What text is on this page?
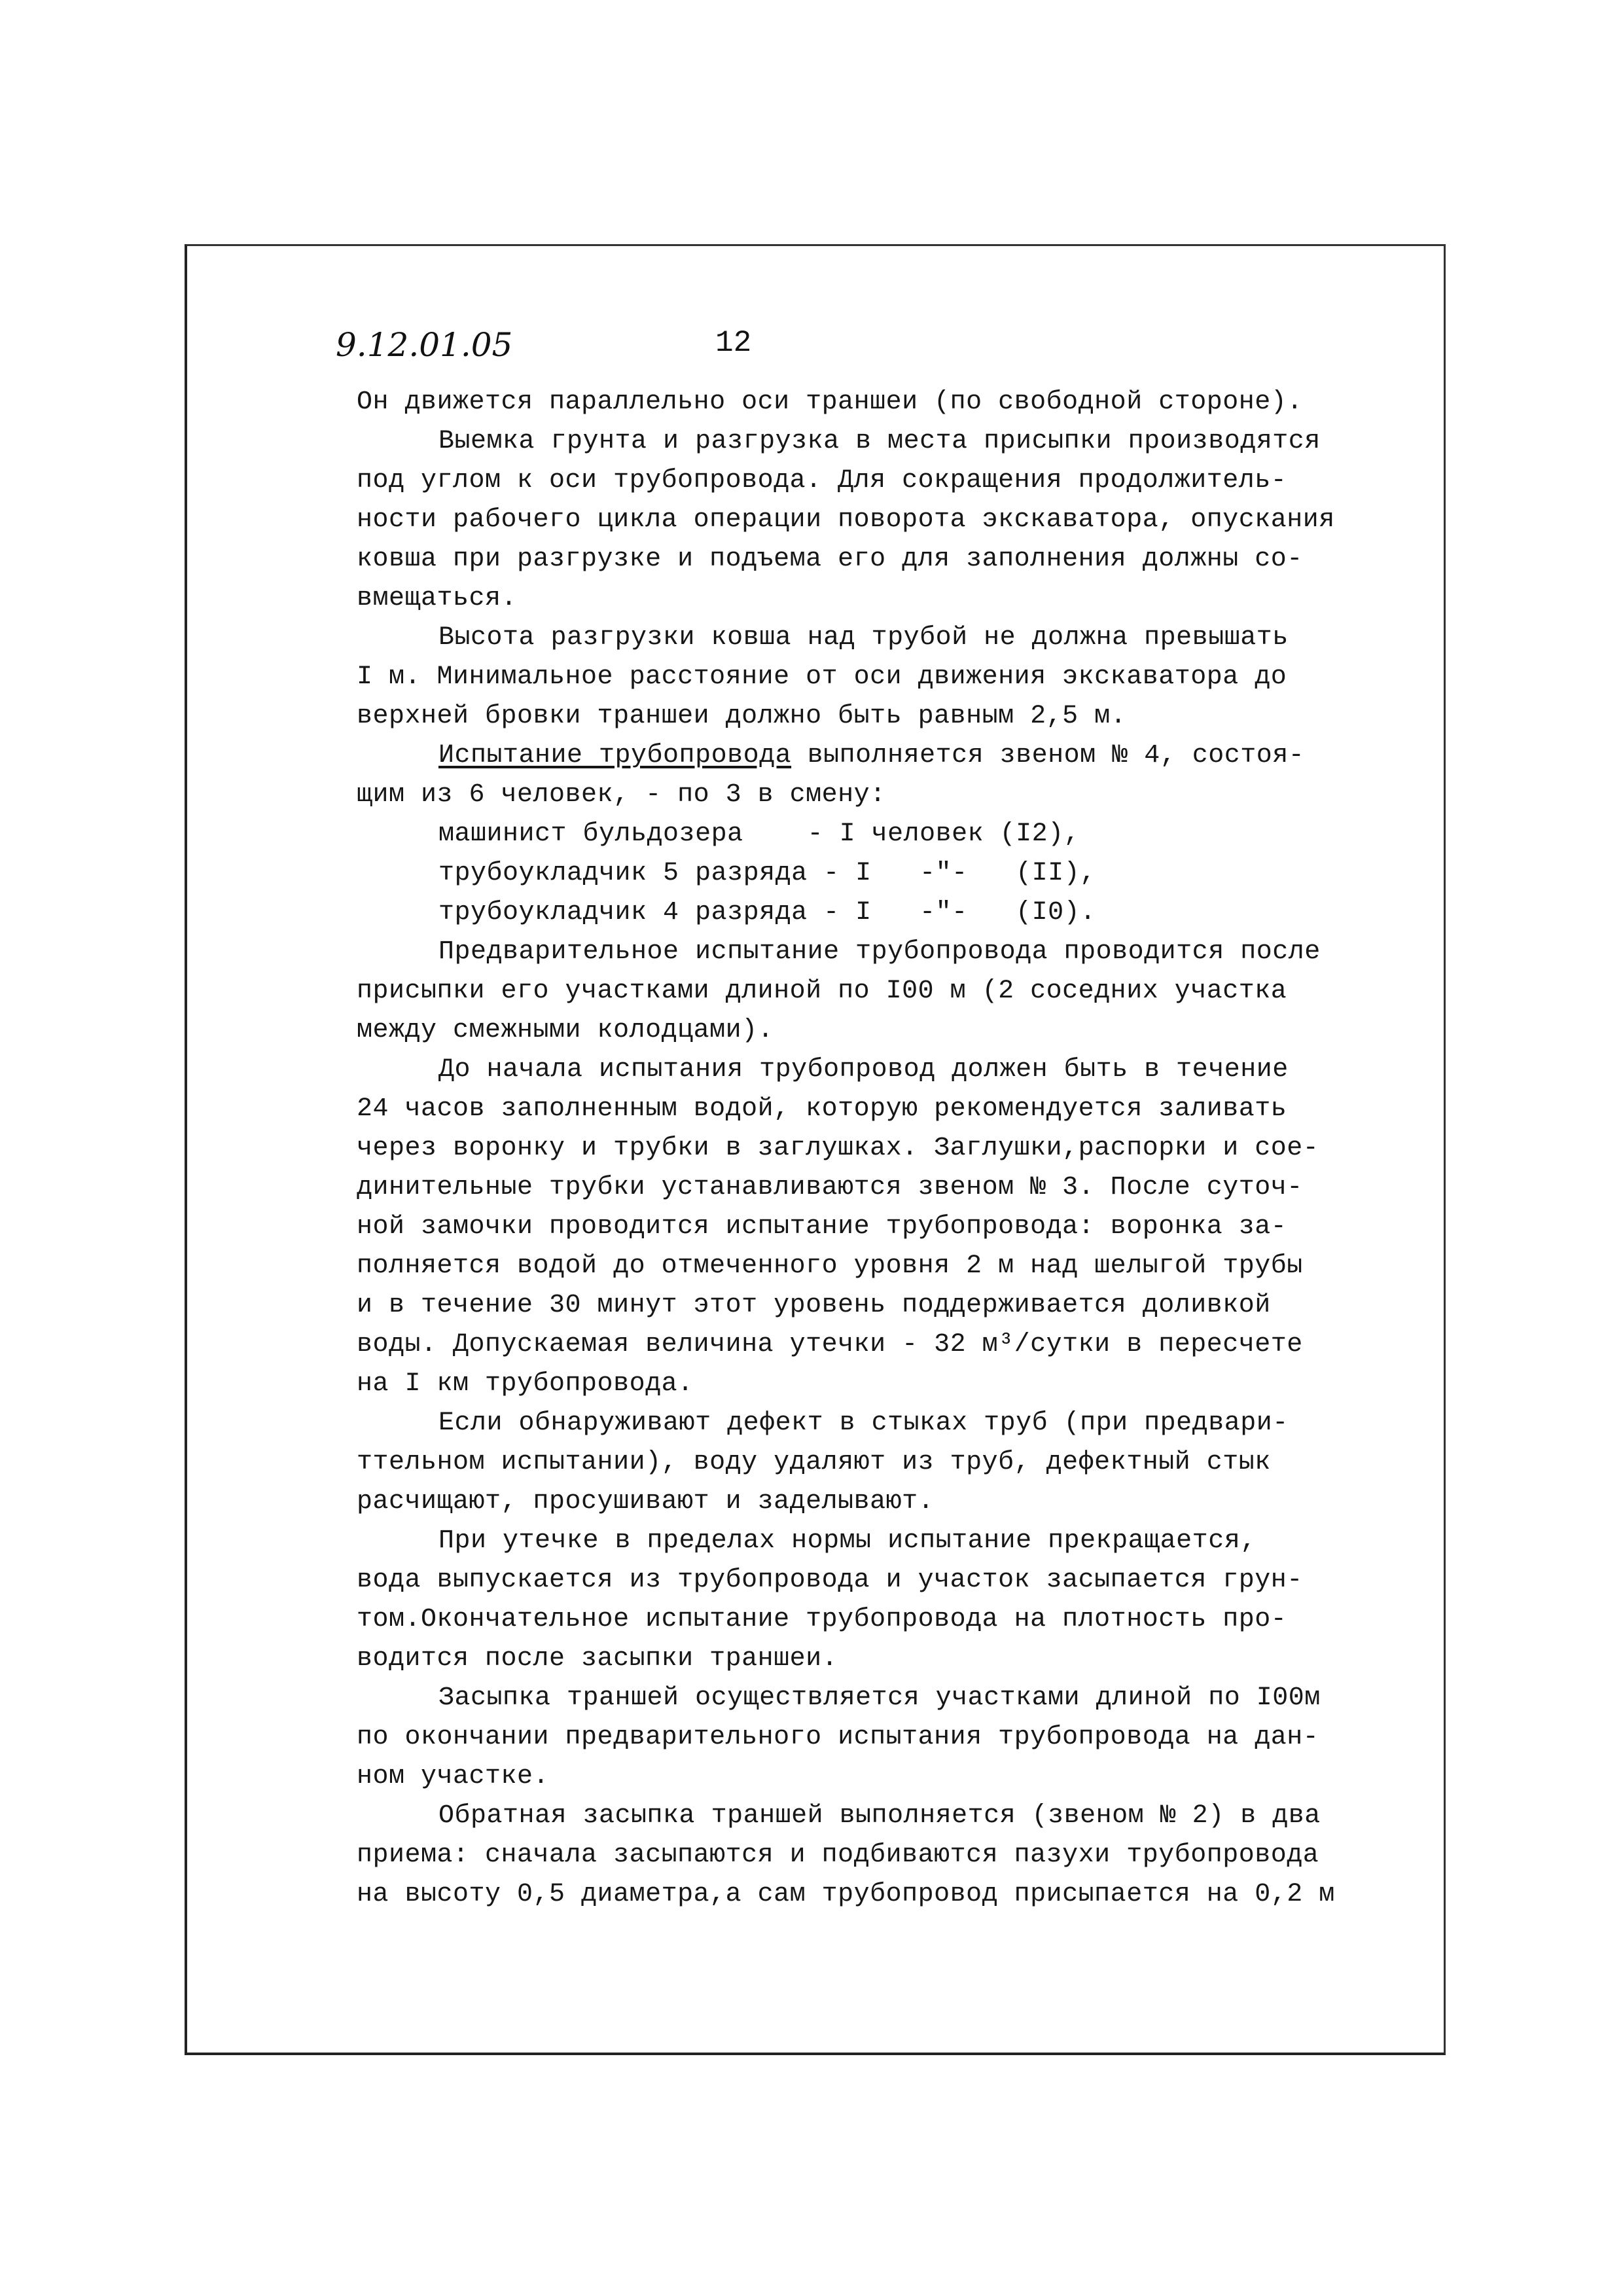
9.12.01.05	12

Он движется параллельно оси траншеи (по свободной стороне).

Выемка грунта и разгрузка в места присыпки производятся

под углом к оси трубопровода. Для сокращения продолжитель-

ности рабочего цикла операции поворота экскаватора, опускания

ковша при разгрузке и подъема его для заполнения должны со-

вмещаться.

Высота разгрузки ковша над трубой не должна превышать

I м. Минимальное расстояние от оси движения экскаватора до

верхней бровки траншеи должно быть равным 2,5 м.

Испытание трубопровода выполняется звеном № 4, состоя-

щим из 6 человек, - по 3 в смену:

машинист бульдозера    - I человек (I2),

трубоукладчик 5 разряда - I   -"-   (II),

трубоукладчик 4 разряда - I   -"-   (I0).

Предварительное испытание трубопровода проводится после

присыпки его участками длиной по I00 м (2 соседних участка

между смежными колодцами).

До начала испытания трубопровод должен быть в течение

24 часов заполненным водой, которую рекомендуется заливать

через воронку и трубки в заглушках. Заглушки,распорки и сое-

динительные трубки устанавливаются звеном № 3. После суточ-

ной замочки проводится испытание трубопровода: воронка за-

полняется водой до отмеченного уровня 2 м над шелыгой трубы

и в течение 30 минут этот уровень поддерживается доливкой

воды. Допускаемая величина утечки - 32 м³/сутки в пересчете

на I км трубопровода.

Если обнаруживают дефект в стыках труб (при предвари-

ттельном испытании), воду удаляют из труб, дефектный стык

расчищают, просушивают и заделывают.

При утечке в пределах нормы испытание прекращается,

вода выпускается из трубопровода и участок засыпается грун-

том.Окончательное испытание трубопровода на плотность про-

водится после засыпки траншеи.

Засыпка траншей осуществляется участками длиной по I00м

по окончании предварительного испытания трубопровода на дан-

ном участке.

Обратная засыпка траншей выполняется (звеном № 2) в два

приема: сначала засыпаются и подбиваются пазухи трубопровода

на высоту 0,5 диаметра,а сам трубопровод присыпается на 0,2 м
